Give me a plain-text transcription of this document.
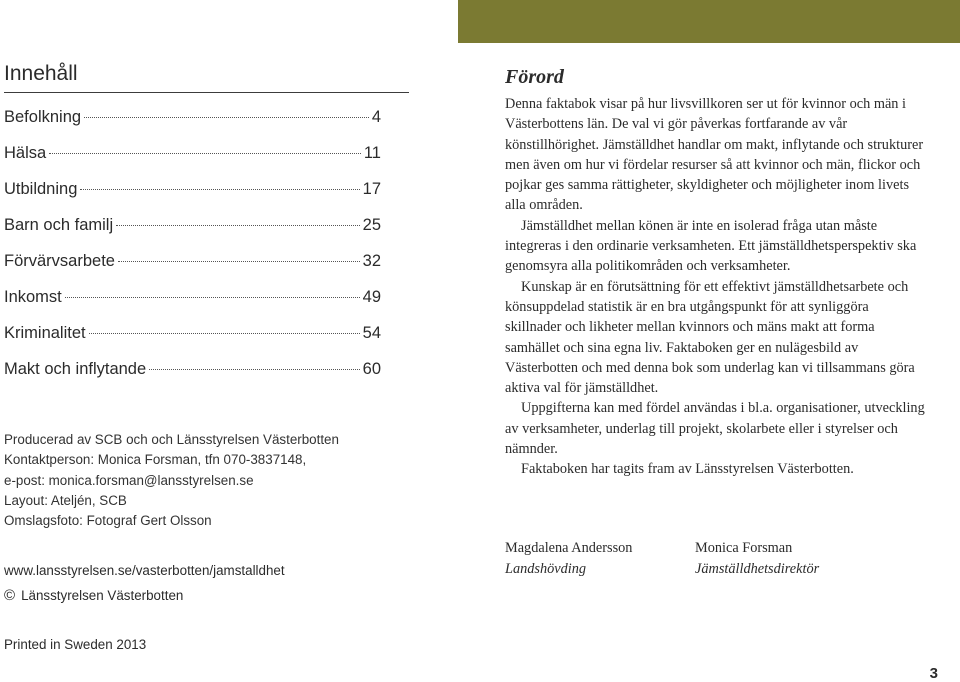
Innehåll
Befolkning	4
Hälsa	11
Utbildning	17
Barn och familj	25
Förvärvsarbete	32
Inkomst	49
Kriminalitet	54
Makt och inflytande	60
Producerad av SCB och och Länsstyrelsen Västerbotten
Kontaktperson: Monica Forsman, tfn 070-3837148,
e-post: monica.forsman@lansstyrelsen.se
Layout: Ateljén, SCB
Omslagsfoto: Fotograf Gert Olsson
www.lansstyrelsen.se/vasterbotten/jamstalldhet
© Länsstyrelsen Västerbotten
Printed in Sweden 2013
3
Förord

Denna faktabok visar på hur livsvillkoren ser ut för kvinnor och män i Västerbottens län. De val vi gör påverkas fortfarande av vår könstillhörighet. Jämställdhet handlar om makt, inflytande och strukturer men även om hur vi fördelar resurser så att kvinnor och män, flickor och pojkar ges samma rättigheter, skyldigheter och möjligheter inom livets alla områden.

Jämställdhet mellan könen är inte en isolerad fråga utan måste integreras i den ordinarie verksamheten. Ett jämställdhetsperspektiv ska genomsyra alla politikområden och verksamheter.

Kunskap är en förutsättning för ett effektivt jämställdhetsarbete och könsuppdelad statistik är en bra utgångspunkt för att synliggöra skillnader och likheter mellan kvinnors och mäns makt att forma samhället och sina egna liv. Faktaboken ger en nulägesbild av Västerbotten och med denna bok som underlag kan vi tillsammans göra aktiva val för jämställdhet.

Uppgifterna kan med fördel användas i bl.a. organisationer, utveckling av verksamheter, underlag till projekt, skolarbete eller i styrelser och nämnder.

Faktaboken har tagits fram av Länsstyrelsen Västerbotten.

Magdalena Andersson
Landshövding
Monica Forsman
Jämställdhetsdirektör
